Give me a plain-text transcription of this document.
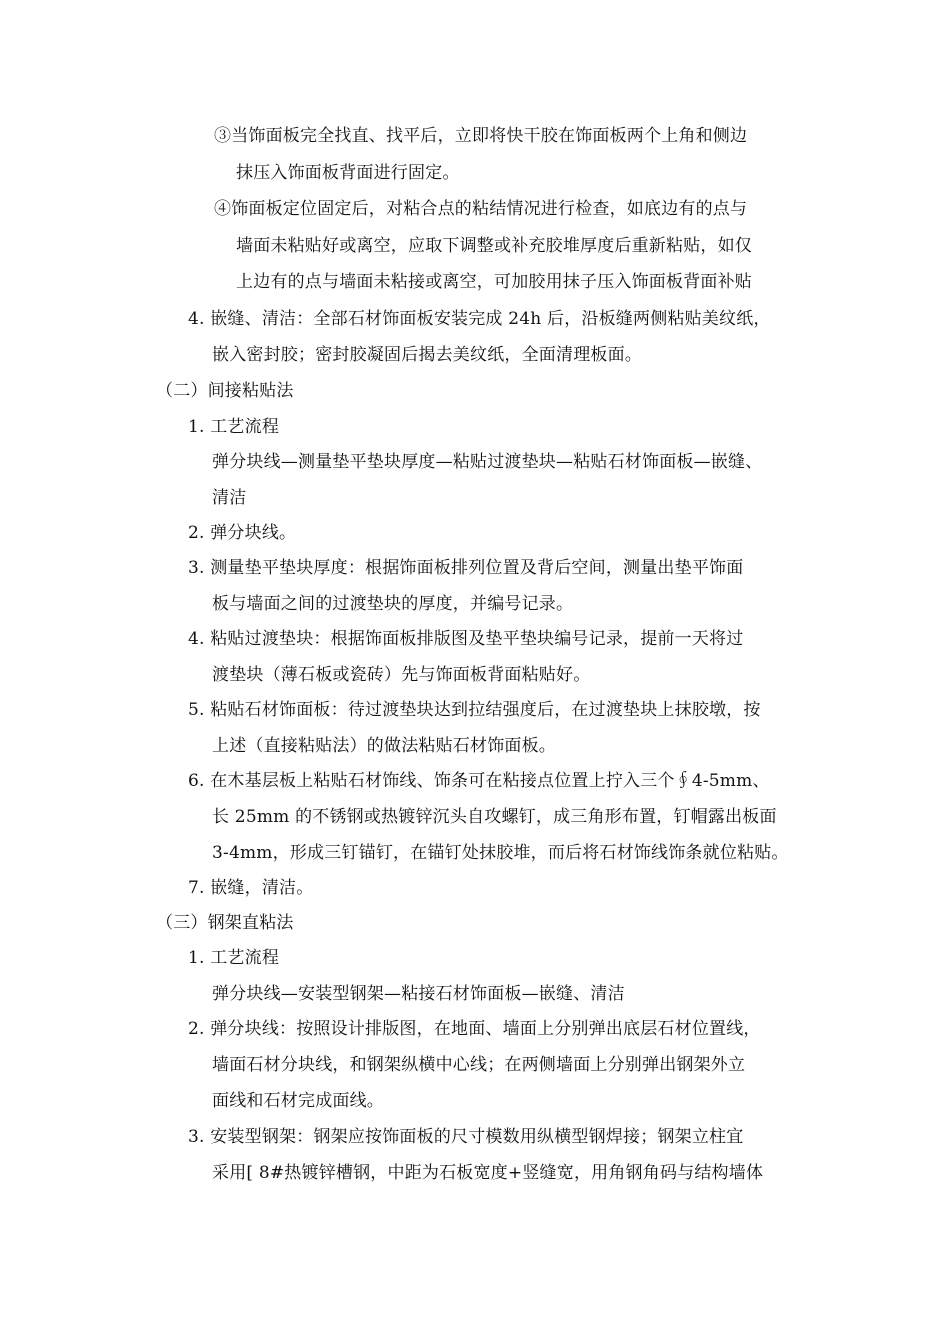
③当饰面板完全找直、找平后，立即将快干胶在饰面板两个上角和侧边
抹压入饰面板背面进行固定。
④饰面板定位固定后，对粘合点的粘结情况进行检查，如底边有的点与
墙面未粘贴好或离空，应取下调整或补充胶堆厚度后重新粘贴，如仅
上边有的点与墙面未粘接或离空，可加胶用抹子压入饰面板背面补贴
4. 嵌缝、清洁：全部石材饰面板安装完成 24h 后，沿板缝两侧粘贴美纹纸，
嵌入密封胶；密封胶凝固后揭去美纹纸，全面清理板面。
（二）间接粘贴法
1. 工艺流程
弹分块线—测量垫平垫块厚度—粘贴过渡垫块—粘贴石材饰面板—嵌缝、
清洁
2. 弹分块线。
3. 测量垫平垫块厚度：根据饰面板排列位置及背后空间，测量出垫平饰面
板与墙面之间的过渡垫块的厚度，并编号记录。
4. 粘贴过渡垫块：根据饰面板排版图及垫平垫块编号记录，提前一天将过
渡垫块（薄石板或瓷砖）先与饰面板背面粘贴好。
5. 粘贴石材饰面板：待过渡垫块达到拉结强度后，在过渡垫块上抹胶墩，按
上述（直接粘贴法）的做法粘贴石材饰面板。
6. 在木基层板上粘贴石材饰线、饰条可在粘接点位置上拧入三个∮4-5mm、
长 25mm 的不锈钢或热镀锌沉头自攻螺钉，成三角形布置，钉帽露出板面
3-4mm，形成三钉锚钉，在锚钉处抹胶堆，而后将石材饰线饰条就位粘贴。
7. 嵌缝，清洁。
（三）钢架直粘法
1. 工艺流程
弹分块线—安装型钢架—粘接石材饰面板—嵌缝、清洁
2. 弹分块线：按照设计排版图，在地面、墙面上分别弹出底层石材位置线，
墙面石材分块线，和钢架纵横中心线；在两侧墙面上分别弹出钢架外立
面线和石材完成面线。
3. 安装型钢架：钢架应按饰面板的尺寸模数用纵横型钢焊接；钢架立柱宜
采用[ 8#热镀锌槽钢，中距为石板宽度+竖缝宽，用角钢角码与结构墙体
